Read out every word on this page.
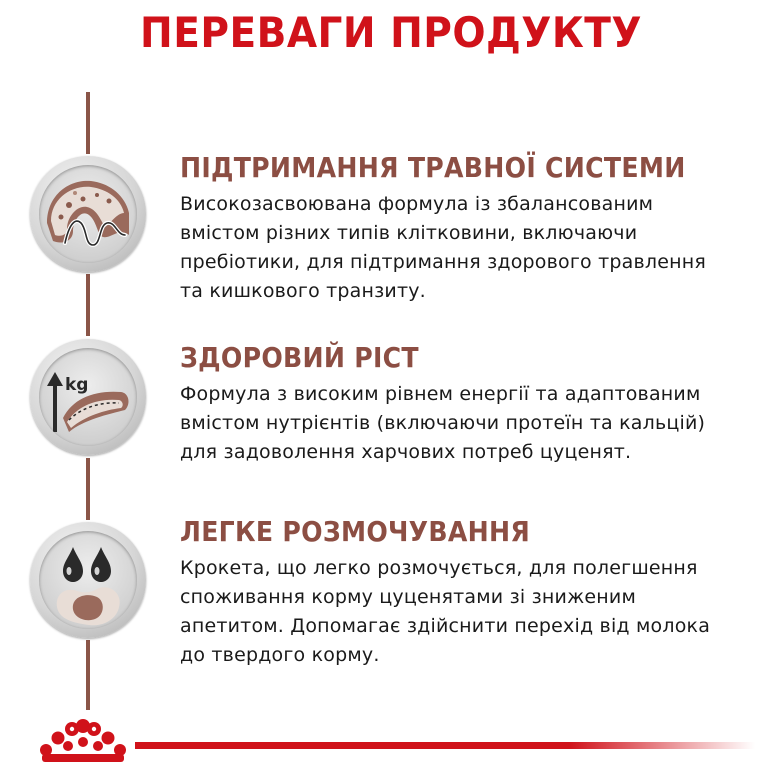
ПЕРЕВАГИ ПРОДУКТУ
ПІДТРИМАННЯ ТРАВНОЇ СИСТЕМИ
Високозасвоювана формула із збалансованим
вмістом різних типів клітковини, включаючи
пребіотики, для підтримання здорового травлення
та кишкового транзиту.
kg
ЗДОРОВИЙ РІСТ
Формула з високим рівнем енергії та адаптованим
вмістом нутрієнтів (включаючи протеїн та кальцій)
для задоволення харчових потреб цуценят.
ЛЕГКЕ РОЗМОЧУВАННЯ
Крокета, що легко розмочується, для полегшення
споживання корму цуценятами зі зниженим
апетитом. Допомагає здійснити перехід від молока
до твердого корму.
